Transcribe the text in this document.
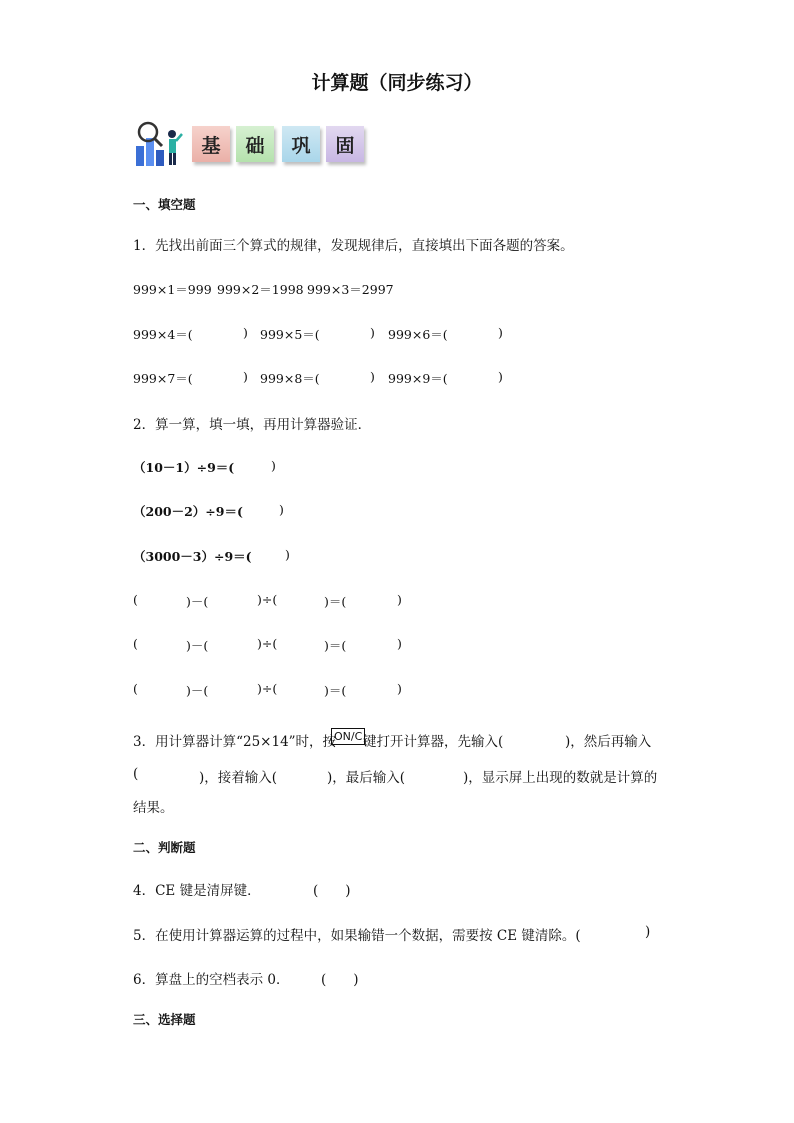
计算题（同步练习）
基	础	巩	固
一、填空题
1．先找出前面三个算式的规律，发现规律后，直接填出下面各题的答案。
999×1＝999 999×2＝1998 999×3＝2997
999×4＝(	) 999×5＝(	) 999×6＝(	)
999×7＝(	) 999×8＝(	) 999×9＝(	)
2．算一算，填一填，再用计算器验证．
（10－1）÷9＝(	)
（200－2）÷9＝(	)
（3000－3）÷9＝(	)
(	)－(	)÷(	)＝(	)
(	)－(	)÷(	)＝(	)
(	)－(	)÷(	)＝(	)
3．用计算器计算“25×14”时，按
ON/C 键打开计算器，先输入(	)，然后再输入
(	)，接着输入(	)，最后输入(	)，显示屏上出现的数就是计算的
结果。
二、判断题
4．CE 键是清屏键．	(　　)
5．在使用计算器运算的过程中，如果输错一个数据，需要按 CE 键清除。(	)
6．算盘上的空档表示 0． (　　)
三、选择题
